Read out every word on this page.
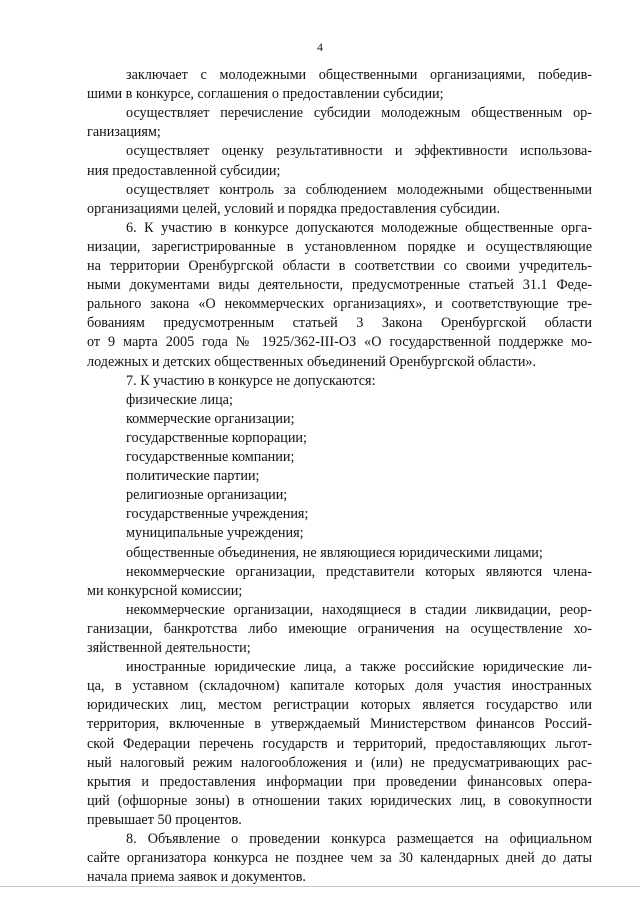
4
заключает с молодежными общественными организациями, победив-
шими в конкурсе, соглашения о предоставлении субсидии;
осуществляет перечисление субсидии молодежным общественным ор-
ганизациям;
осуществляет оценку результативности и эффективности использова-
ния предоставленной субсидии;
осуществляет контроль за соблюдением молодежными общественными
организациями целей, условий и порядка предоставления субсидии.
6. К участию в конкурсе допускаются молодежные общественные орга-
низации, зарегистрированные в установленном порядке и осуществляющие
на территории Оренбургской области в соответствии со своими учредитель-
ными документами виды деятельности, предусмотренные статьей 31.1 Феде-
рального закона «О некоммерческих организациях», и соответствующие тре-
бованиям предусмотренным статьей 3 Закона Оренбургской области
от 9 марта 2005 года № 1925/362-III-ОЗ «О государственной поддержке мо-
лодежных и детских общественных объединений Оренбургской области».
7. К участию в конкурсе не допускаются:
физические лица;
коммерческие организации;
государственные корпорации;
государственные компании;
политические партии;
религиозные организации;
государственные учреждения;
муниципальные учреждения;
общественные объединения, не являющиеся юридическими лицами;
некоммерческие организации, представители которых являются члена-
ми конкурсной комиссии;
некоммерческие организации, находящиеся в стадии ликвидации, реор-
ганизации, банкротства либо имеющие ограничения на осуществление хо-
зяйственной деятельности;
иностранные юридические лица, а также российские юридические ли-
ца, в уставном (складочном) капитале которых доля участия иностранных
юридических лиц, местом регистрации которых является государство или
территория, включенные в утверждаемый Министерством финансов Россий-
ской Федерации перечень государств и территорий, предоставляющих льгот-
ный налоговый режим налогообложения и (или) не предусматривающих рас-
крытия и предоставления информации при проведении финансовых опера-
ций (офшорные зоны) в отношении таких юридических лиц, в совокупности
превышает 50 процентов.
8. Объявление о проведении конкурса размещается на официальном
сайте организатора конкурса не позднее чем за 30 календарных дней до даты
начала приема заявок и документов.
